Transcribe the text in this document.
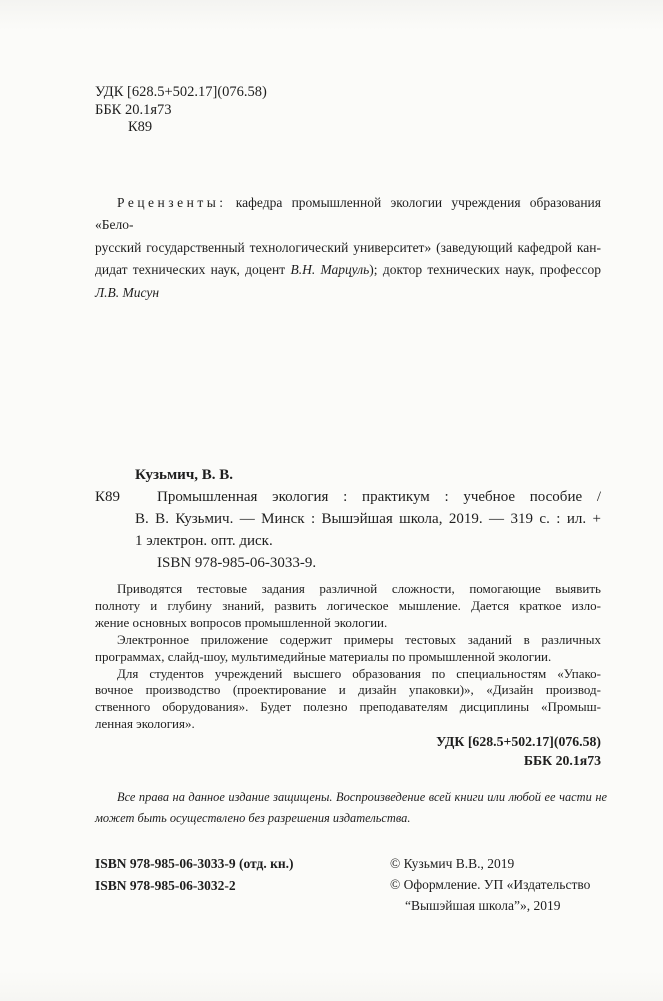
УДК [628.5+502.17](076.58)
ББК 20.1я73
К89
Рецензенты: кафедра промышленной экологии учреждения образования «Бело-
русский государственный технологический университет» (заведующий кафедрой кан-
дидат технических наук, доцент В.Н. Марцуль); доктор технических наук, профессор
Л.В. Мисун
Кузьмич, В. В.
К89	Промышленная экология : практикум : учебное пособие /
В. В. Кузьмич. — Минск : Вышэйшая школа, 2019. — 319 с. : ил. +
1 электрон. опт. диск.
ISBN 978-985-06-3033-9.
Приводятся тестовые задания различной сложности, помогающие выявить
полноту и глубину знаний, развить логическое мышление. Дается краткое изло-
жение основных вопросов промышленной экологии.
Электронное приложение содержит примеры тестовых заданий в различных
программах, слайд-шоу, мультимедийные материалы по промышленной экологии.
Для студентов учреждений высшего образования по специальностям «Упако-
вочное производство (проектирование и дизайн упаковки)», «Дизайн производ-
ственного оборудования». Будет полезно преподавателям дисциплины «Промыш-
ленная экология».
УДК [628.5+502.17](076.58)
ББК 20.1я73
Все права на данное издание защищены. Воспроизведение всей книги или любой ее части не
может быть осуществлено без разрешения издательства.
ISBN 978-985-06-3033-9 (отд. кн.)
ISBN 978-985-06-3032-2
© Кузьмич В.В., 2019
© Оформление. УП «Издательство
“Вышэйшая школа”», 2019
